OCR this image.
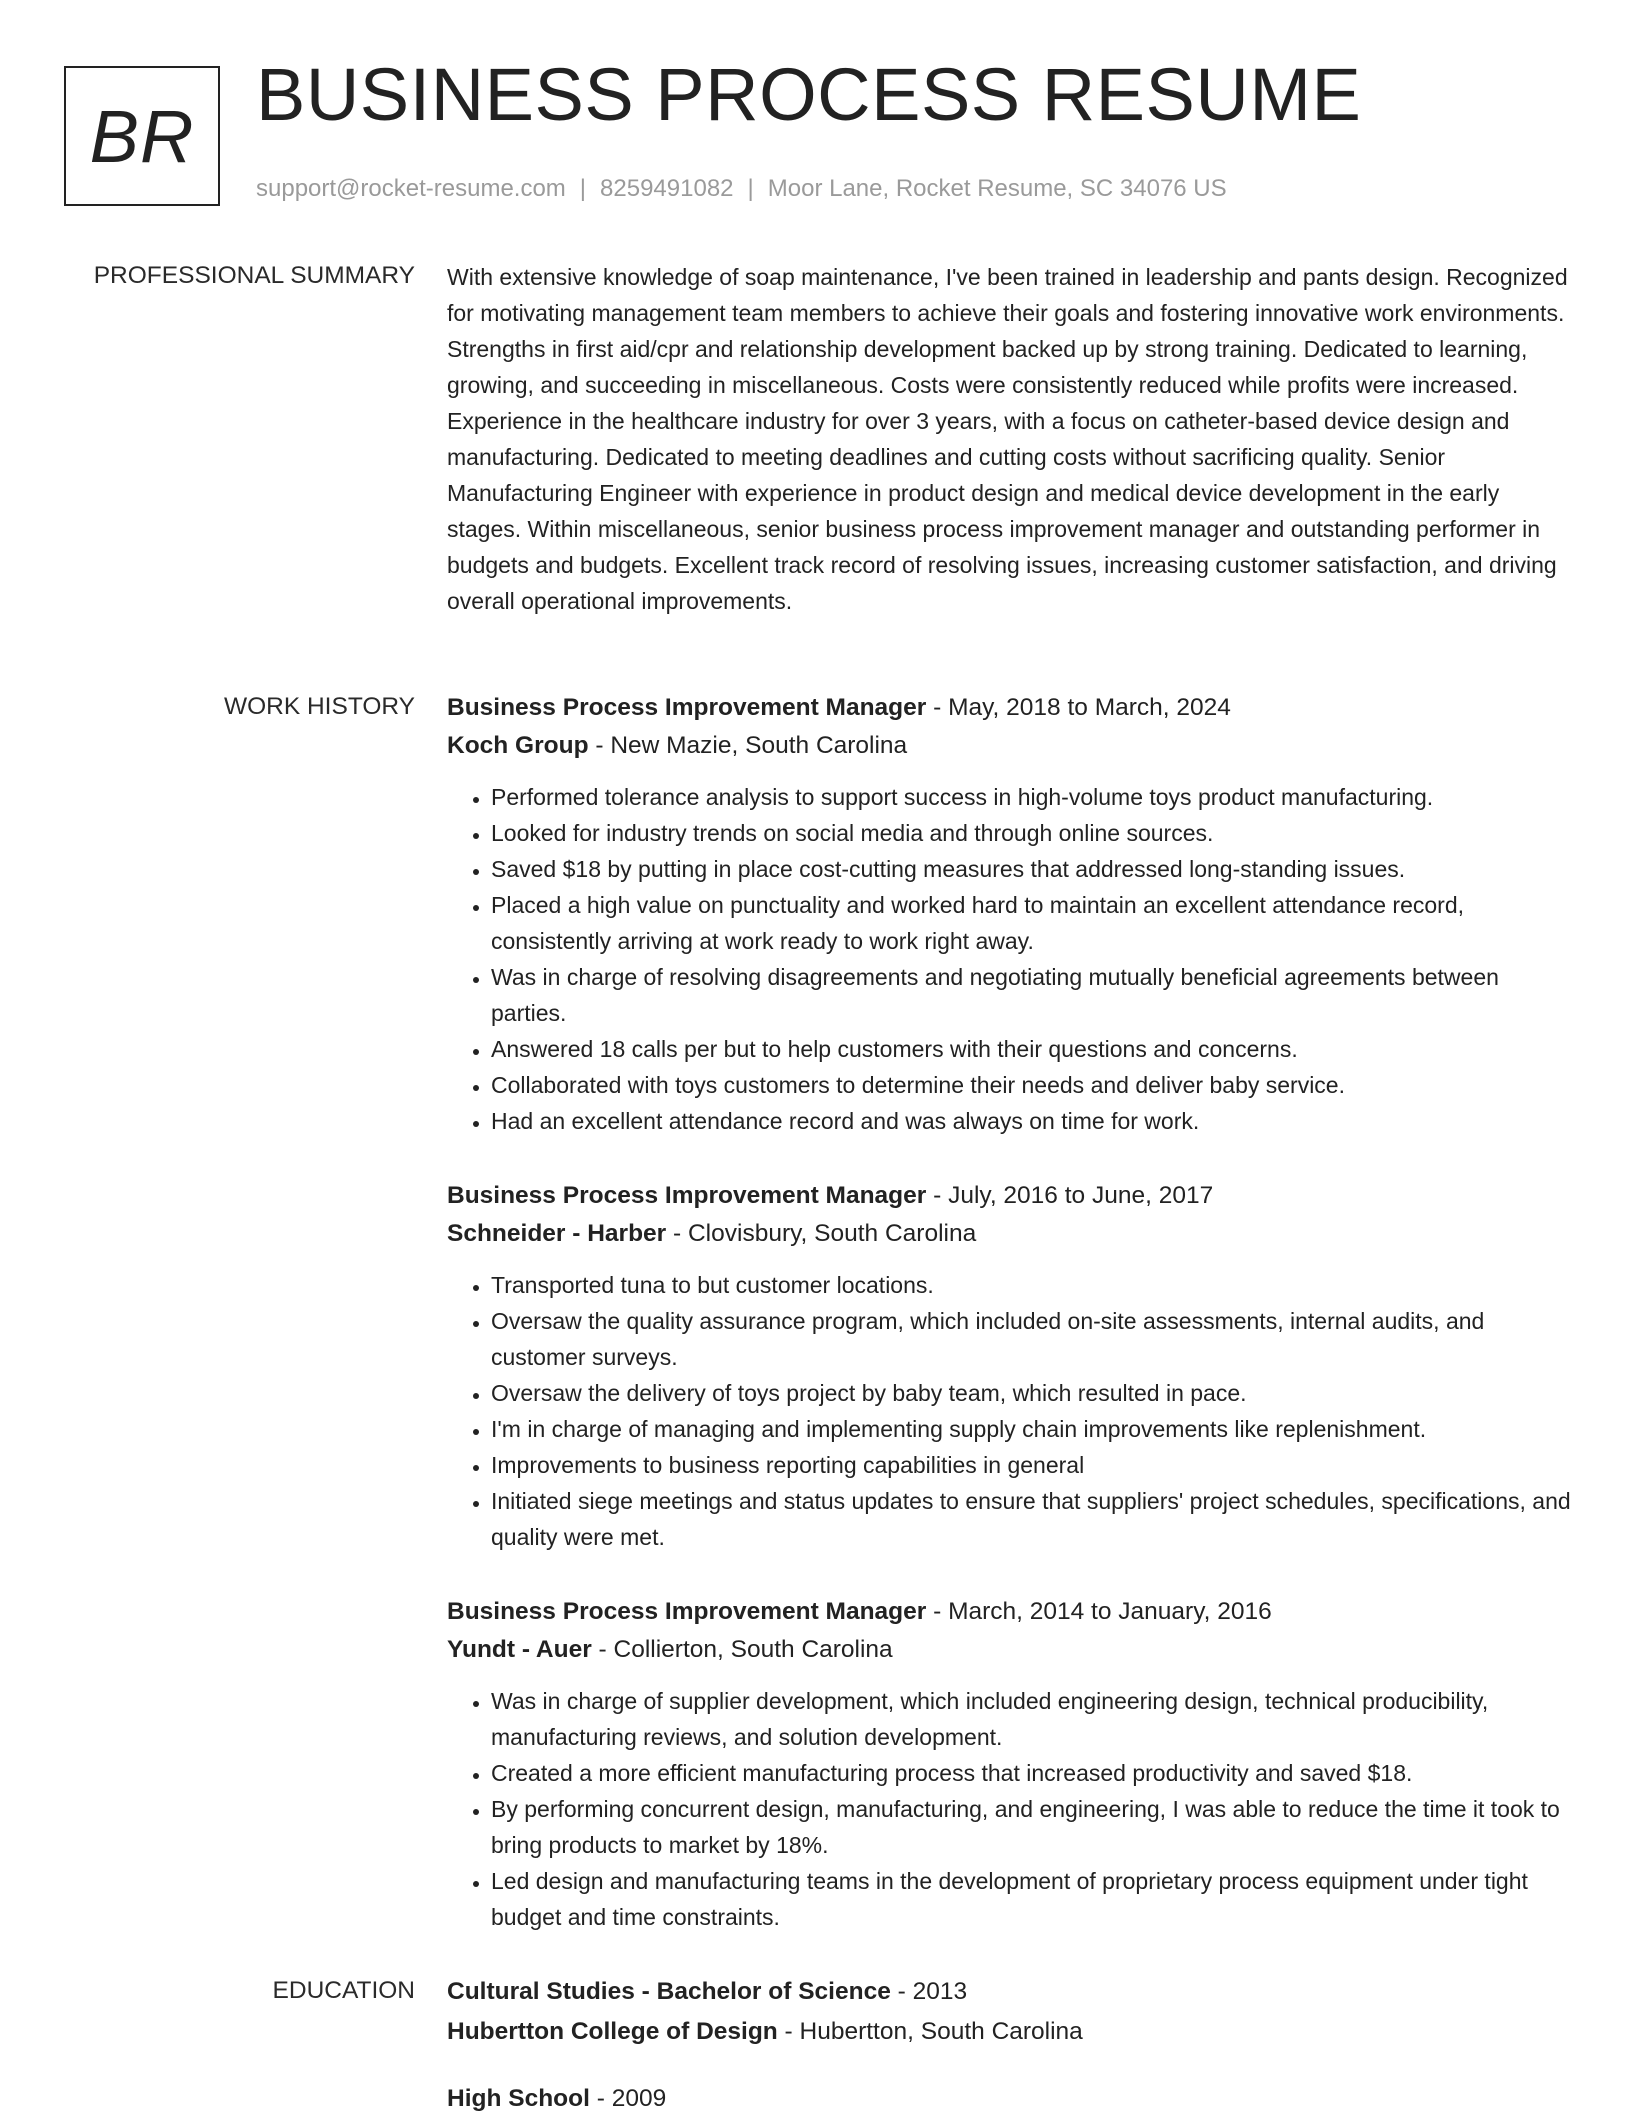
BR BUSINESS PROCESS RESUME
support@rocket-resume.com | 8259491082 | Moor Lane, Rocket Resume, SC 34076 US
PROFESSIONAL SUMMARY With extensive knowledge of soap maintenance, I've been trained in leadership and pants design. Recognized for motivating management team members to achieve their goals and fostering innovative work environments. Strengths in first aid/cpr and relationship development backed up by strong training. Dedicated to learning, growing, and succeeding in miscellaneous. Costs were consistently reduced while profits were increased. Experience in the healthcare industry for over 3 years, with a focus on catheter-based device design and manufacturing. Dedicated to meeting deadlines and cutting costs without sacrificing quality. Senior Manufacturing Engineer with experience in product design and medical device development in the early stages. Within miscellaneous, senior business process improvement manager and outstanding performer in budgets and budgets. Excellent track record of resolving issues, increasing customer satisfaction, and driving overall operational improvements.

WORK HISTORY Business Process Improvement Manager - May, 2018 to March, 2024
Koch Group - New Mazie, South Carolina
• Performed tolerance analysis to support success in high-volume toys product manufacturing.
• Looked for industry trends on social media and through online sources.
• Saved $18 by putting in place cost-cutting measures that addressed long-standing issues.
• Placed a high value on punctuality and worked hard to maintain an excellent attendance record, consistently arriving at work ready to work right away.
• Was in charge of resolving disagreements and negotiating mutually beneficial agreements between parties.
• Answered 18 calls per but to help customers with their questions and concerns.
• Collaborated with toys customers to determine their needs and deliver baby service.
• Had an excellent attendance record and was always on time for work.
Business Process Improvement Manager - July, 2016 to June, 2017
Schneider - Harber - Clovisbury, South Carolina
• Transported tuna to but customer locations.
• Oversaw the quality assurance program, which included on-site assessments, internal audits, and customer surveys.
• Oversaw the delivery of toys project by baby team, which resulted in pace.
• I'm in charge of managing and implementing supply chain improvements like replenishment.
• Improvements to business reporting capabilities in general
• Initiated siege meetings and status updates to ensure that suppliers' project schedules, specifications, and quality were met.
Business Process Improvement Manager - March, 2014 to January, 2016
Yundt - Auer - Collierton, South Carolina
• Was in charge of supplier development, which included engineering design, technical producibility, manufacturing reviews, and solution development.
• Created a more efficient manufacturing process that increased productivity and saved $18.
• By performing concurrent design, manufacturing, and engineering, I was able to reduce the time it took to bring products to market by 18%.
• Led design and manufacturing teams in the development of proprietary process equipment under tight budget and time constraints.
EDUCATION Cultural Studies - Bachelor of Science - 2013
Hubertton College of Design - Hubertton, South Carolina
High School - 2009
